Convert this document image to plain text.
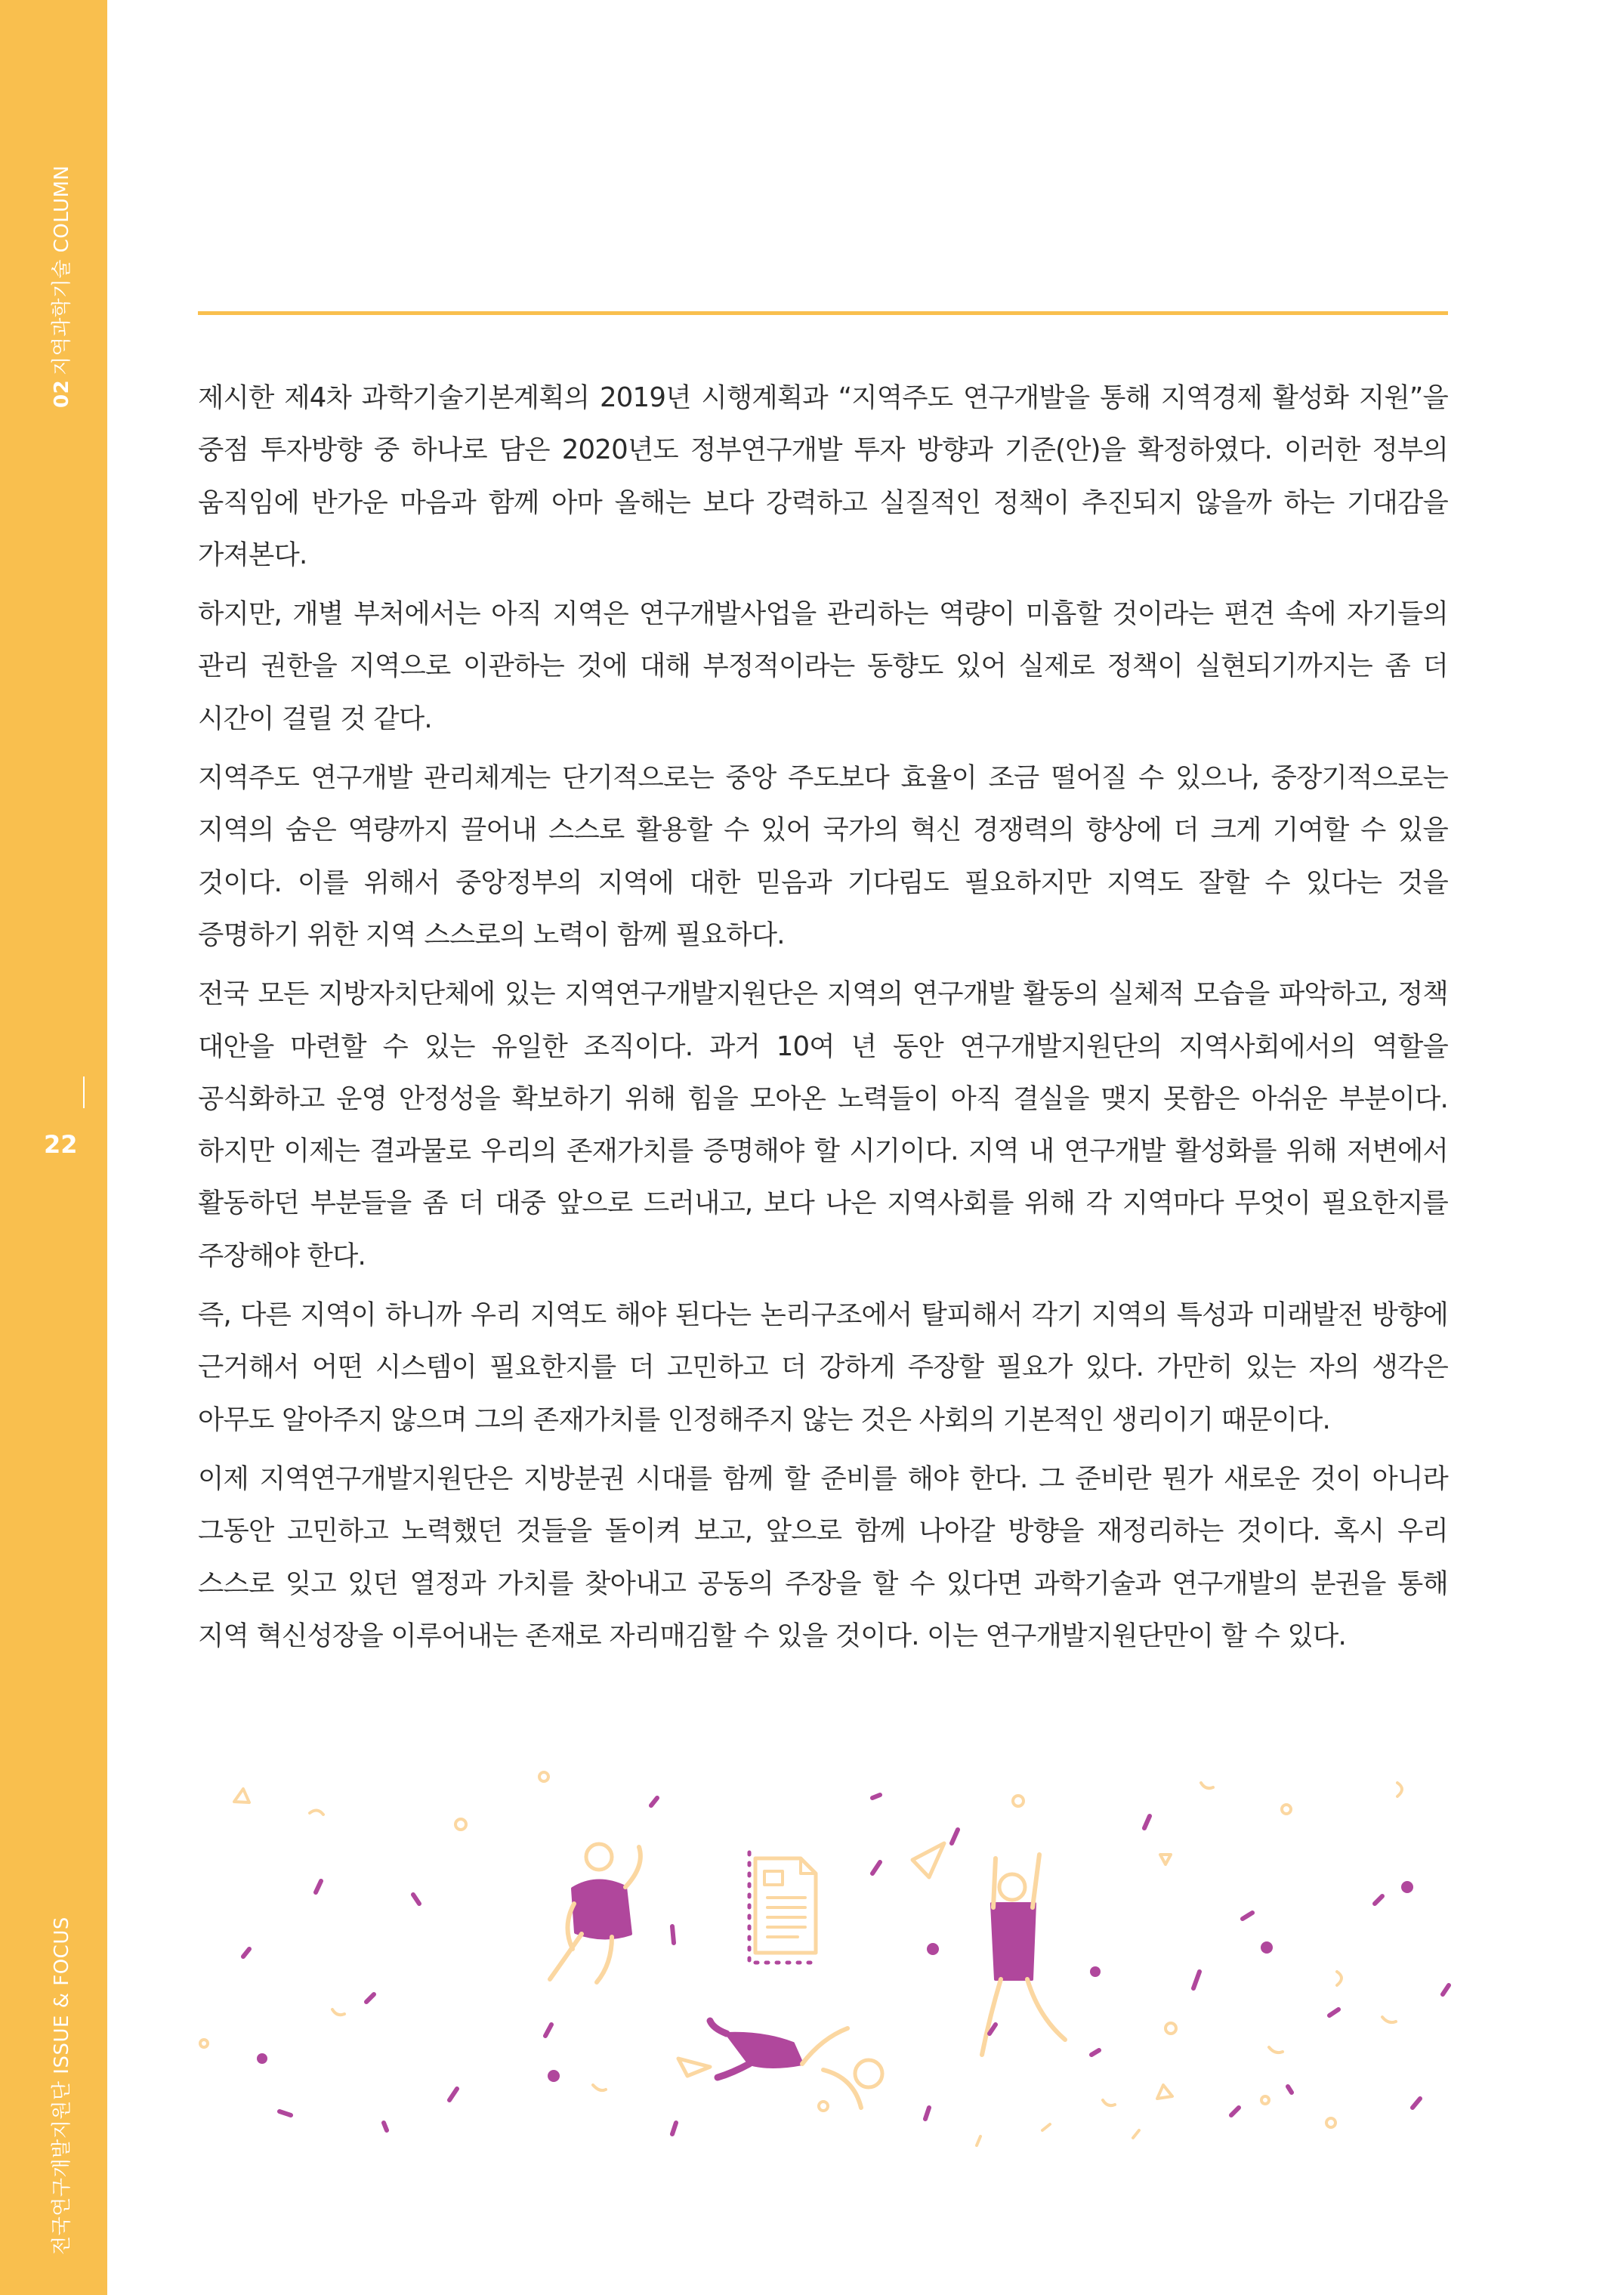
02지역과학기술 COLUMN
22
전국연구개발지원단 ISSUE & FOCUS

제시한 제4차 과학기술기본계획의 2019년 시행계획과 “지역주도 연구개발을 통해 지역경제 활성화 지원”을 중점 투자방향 중 하나로 담은 2020년도 정부연구개발 투자 방향과 기준(안)을 확정하였다. 이러한 정부의 움직임에 반가운 마음과 함께 아마 올해는 보다 강력하고 실질적인 정책이 추진되지 않을까 하는 기대감을 가져본다.

하지만, 개별 부처에서는 아직 지역은 연구개발사업을 관리하는 역량이 미흡할 것이라는 편견 속에 자기들의 관리 권한을 지역으로 이관하는 것에 대해 부정적이라는 동향도 있어 실제로 정책이 실현되기까지는 좀 더 시간이 걸릴 것 같다.

지역주도 연구개발 관리체계는 단기적으로는 중앙 주도보다 효율이 조금 떨어질 수 있으나, 중장기적으로는 지역의 숨은 역량까지 끌어내 스스로 활용할 수 있어 국가의 혁신 경쟁력의 향상에 더 크게 기여할 수 있을 것이다. 이를 위해서 중앙정부의 지역에 대한 믿음과 기다림도 필요하지만 지역도 잘할 수 있다는 것을 증명하기 위한 지역 스스로의 노력이 함께 필요하다.

전국 모든 지방자치단체에 있는 지역연구개발지원단은 지역의 연구개발 활동의 실체적 모습을 파악하고, 정책 대안을 마련할 수 있는 유일한 조직이다. 과거 10여 년 동안 연구개발지원단의 지역사회에서의 역할을 공식화하고 운영 안정성을 확보하기 위해 힘을 모아온 노력들이 아직 결실을 맺지 못함은 아쉬운 부분이다. 하지만 이제는 결과물로 우리의 존재가치를 증명해야 할 시기이다. 지역 내 연구개발 활성화를 위해 저변에서 활동하던 부분들을 좀 더 대중 앞으로 드러내고, 보다 나은 지역사회를 위해 각 지역마다 무엇이 필요한지를 주장해야 한다.

즉, 다른 지역이 하니까 우리 지역도 해야 된다는 논리구조에서 탈피해서 각기 지역의 특성과 미래발전 방향에 근거해서 어떤 시스템이 필요한지를 더 고민하고 더 강하게 주장할 필요가 있다. 가만히 있는 자의 생각은 아무도 알아주지 않으며 그의 존재가치를 인정해주지 않는 것은 사회의 기본적인 생리이기 때문이다.

이제 지역연구개발지원단은 지방분권 시대를 함께 할 준비를 해야 한다. 그 준비란 뭔가 새로운 것이 아니라 그동안 고민하고 노력했던 것들을 돌이켜 보고, 앞으로 함께 나아갈 방향을 재정리하는 것이다. 혹시 우리 스스로 잊고 있던 열정과 가치를 찾아내고 공동의 주장을 할 수 있다면 과학기술과 연구개발의 분권을 통해 지역 혁신성장을 이루어내는 존재로 자리매김할 수 있을 것이다. 이는 연구개발지원단만이 할 수 있다.
